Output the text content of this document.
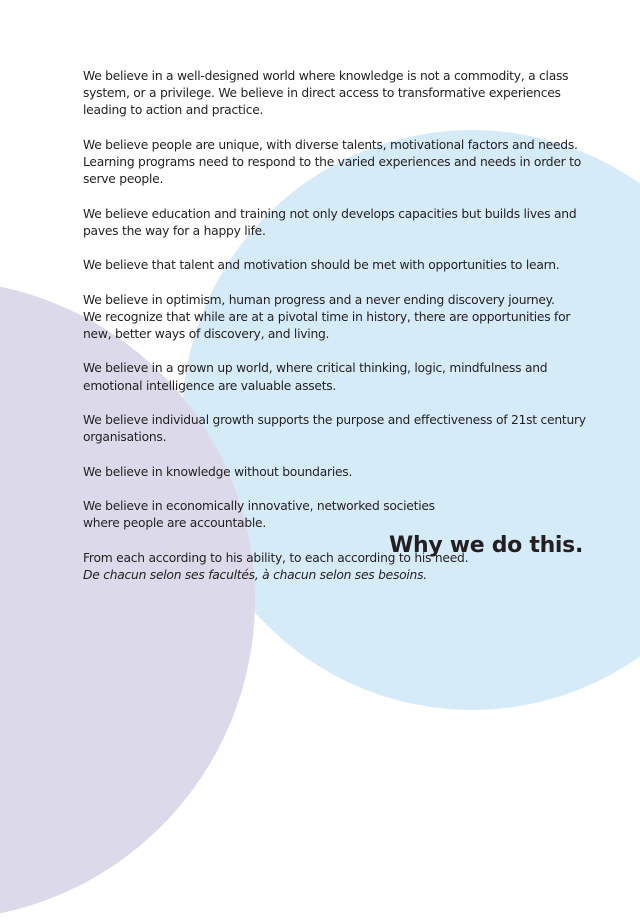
We believe in a well-designed world where knowledge is not a commodity, a class
system, or a privilege. We believe in direct access to transformative experiences
leading to action and practice.

We believe people are unique, with diverse talents, motivational factors and needs.
Learning programs need to respond to the varied experiences and needs in order to
serve people.

We believe education and training not only develops capacities but builds lives and
paves the way for a happy life.

We believe that talent and motivation should be met with opportunities to learn.

We believe in optimism, human progress and a never ending discovery journey.
We recognize that while are at a pivotal time in history, there are opportunities for
new, better ways of discovery, and living.

We believe in a grown up world, where critical thinking, logic, mindfulness and
emotional intelligence are valuable assets.

We believe individual growth supports the purpose and effectiveness of 21st century
organisations.

We believe in knowledge without boundaries.

We believe in economically innovative, networked societies
where people are accountable.

From each according to his ability, to each according to his need.
De chacun selon ses facultés, à chacun selon ses besoins.

Why we do this.
